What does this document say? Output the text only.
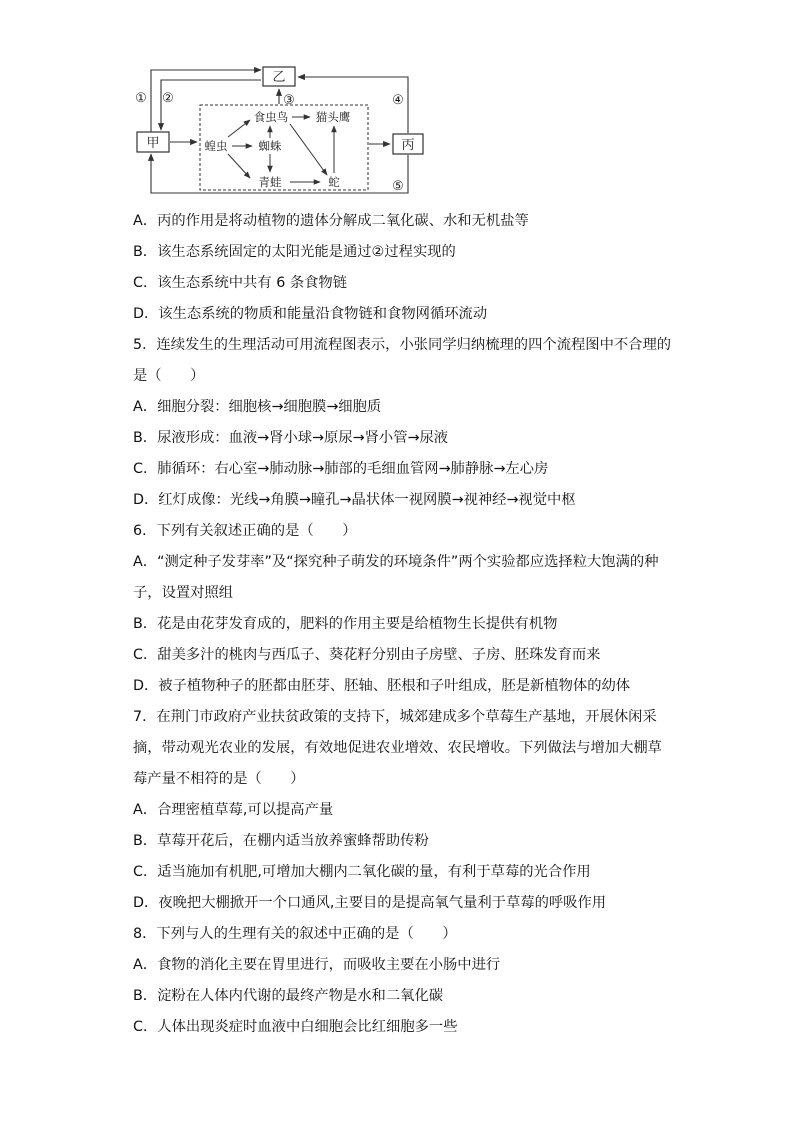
乙
甲	丙
蝗虫
食虫鸟 猫头鹰
蜘蛛
青蛙	蛇
① ②	③	④
⑤

A．丙的作用是将动植物的遗体分解成二氧化碳、水和无机盐等

B．该生态系统固定的太阳光能是通过②过程实现的

C．该生态系统中共有 6 条食物链

D．该生态系统的物质和能量沿食物链和食物网循环流动

5．连续发生的生理活动可用流程图表示，小张同学归纳梳理的四个流程图中不合理的

是（　　）

A．细胞分裂：细胞核→细胞膜→细胞质

B．尿液形成：血液→肾小球→原尿→肾小管→尿液

C．肺循环：右心室→肺动脉→肺部的毛细血管网→肺静脉→左心房

D．红灯成像：光线→角膜→瞳孔→晶状体一视网膜→视神经→视觉中枢

6．下列有关叙述正确的是（　　）

A．“测定种子发芽率”及“探究种子萌发的环境条件”两个实验都应选择粒大饱满的种

子，设置对照组

B．花是由花芽发育成的，肥料的作用主要是给植物生长提供有机物

C．甜美多汁的桃肉与西瓜子、葵花籽分别由子房壁、子房、胚珠发育而来

D．被子植物种子的胚都由胚芽、胚轴、胚根和子叶组成，胚是新植物体的幼体

7．在荆门市政府产业扶贫政策的支持下，城郊建成多个草莓生产基地，开展休闲采

摘，带动观光农业的发展，有效地促进农业增效、农民增收。下列做法与增加大棚草

莓产量不相符的是（　　）

A．合理密植草莓,可以提高产量

B．草莓开花后，在棚内适当放养蜜蜂帮助传粉

C．适当施加有机肥,可增加大棚内二氧化碳的量，有利于草莓的光合作用

D．夜晚把大棚掀开一个口通风,主要目的是提高氧气量利于草莓的呼吸作用

8．下列与人的生理有关的叙述中正确的是（　　）

A．食物的消化主要在胃里进行，而吸收主要在小肠中进行

B．淀粉在人体内代谢的最终产物是水和二氧化碳

C．人体出现炎症时血液中白细胞会比红细胞多一些
